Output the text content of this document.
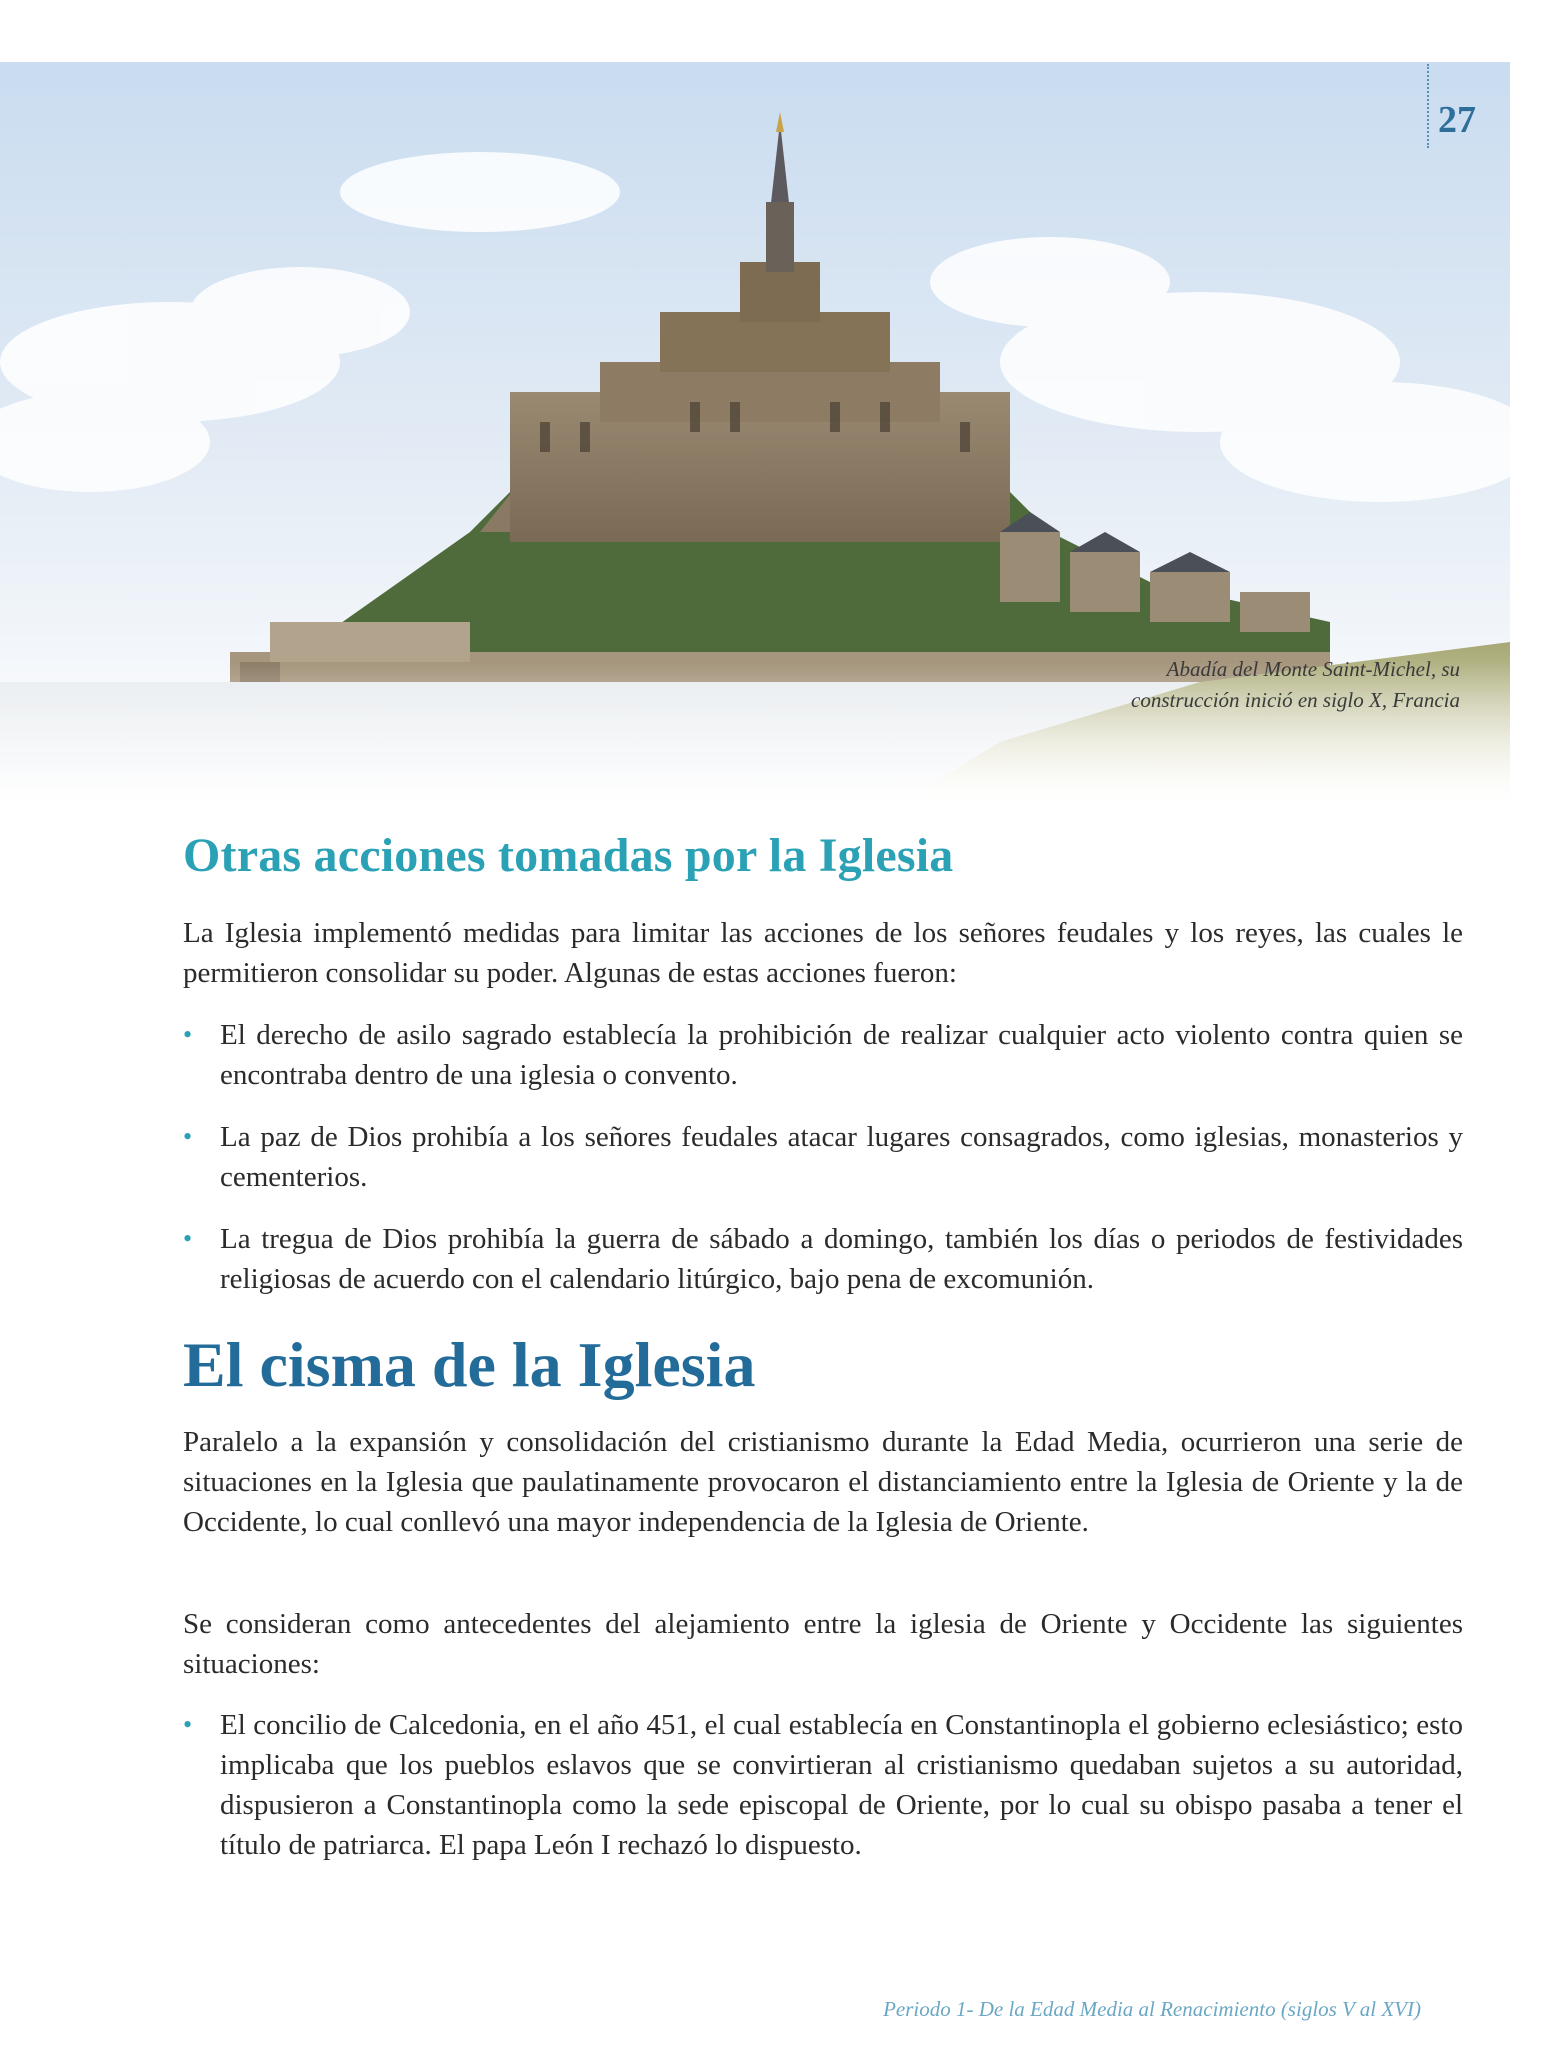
27
Abadía del Monte Saint-Michel, su
construcción inició en siglo X, Francia
Otras acciones tomadas por la Iglesia

La Iglesia implementó medidas para limitar las acciones de los señores feudales y los reyes, las cuales le permitieron consolidar su poder. Algunas de estas acciones fueron:

• El derecho de asilo sagrado establecía la prohibición de realizar cualquier acto violento contra quien se encontraba dentro de una iglesia o convento.
• La paz de Dios prohibía a los señores feudales atacar lugares consagrados, como iglesias, monasterios y cementerios.
• La tregua de Dios prohibía la guerra de sábado a domingo, también los días o periodos de festividades religiosas de acuerdo con el calendario litúrgico, bajo pena de excomunión.
El cisma de la Iglesia

Paralelo a la expansión y consolidación del cristianismo durante la Edad Media, ocurrieron una serie de situaciones en la Iglesia que paulatinamente provocaron el distanciamiento entre la Iglesia de Oriente y la de Occidente, lo cual conllevó una mayor independencia de la Iglesia de Oriente.

Se consideran como antecedentes del alejamiento entre la iglesia de Oriente y Occidente las siguientes situaciones:

• El concilio de Calcedonia, en el año 451, el cual establecía en Constantinopla el gobierno eclesiástico; esto implicaba que los pueblos eslavos que se convirtieran al cristianismo quedaban sujetos a su autoridad, dispusieron a Constantinopla como la sede episcopal de Oriente, por lo cual su obispo pasaba a tener el título de patriarca. El papa León I rechazó lo dispuesto.
Periodo 1- De la Edad Media al Renacimiento (siglos V al XVI)
